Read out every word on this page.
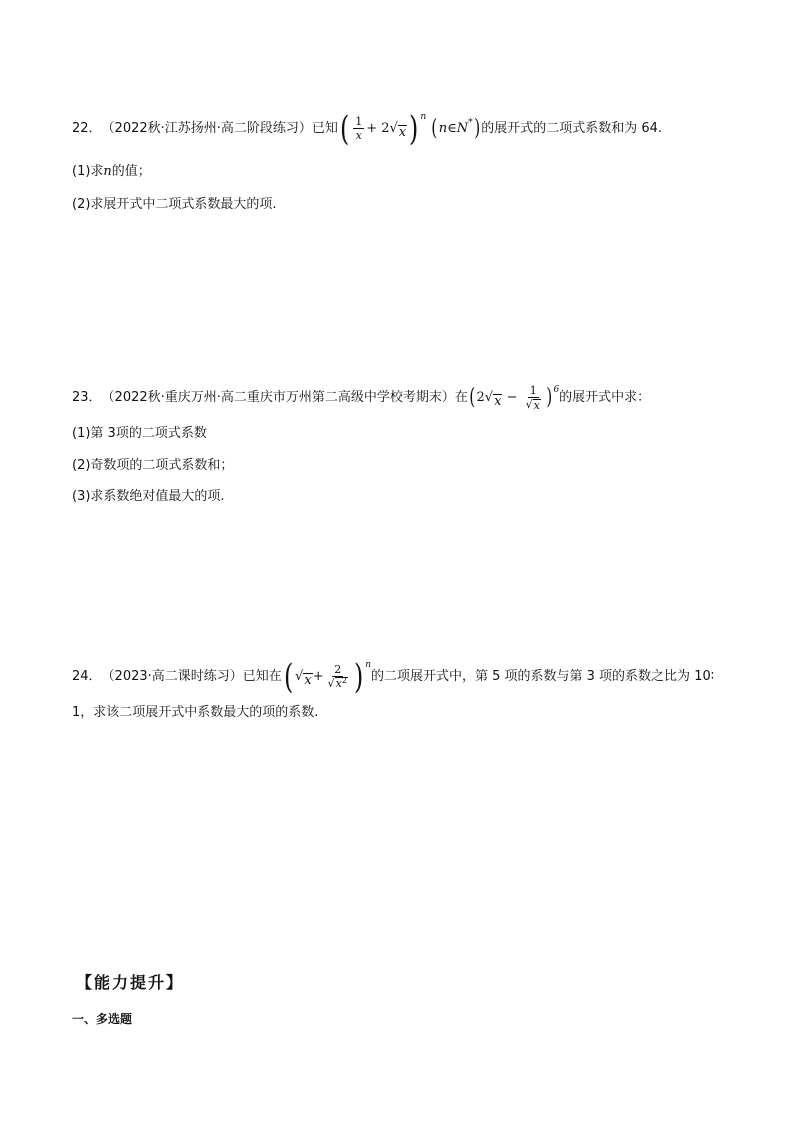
22． （2022秋·江苏扬州·高二阶段练习） 已知 ( $\frac{1}{x} + 2$ √ x ) n ( n ∈ N * ) 的展开式的二项式系数和为 64.
(1)求 n 的值；
(2)求展开式中二项式系数最大的项.
23． （2022秋·重庆万州·高二重庆市万州第二高级中学校考期末） 在 ( 2 √ $x - \frac{1}{√ x}$ ) 6 的展开式中求：
(1)第 3项的二项式系数
(2)奇数项的二项式系数和；
(3)求系数绝对值最大的项.
24． （2023·高二课时练习） 已知在 ( √ $x + \frac{2}{√ x^2}$ ) n
的二项展开式中，第 5 项的系数与第 3 项的系数之比为 10∶
1，求该二项展开式中系数最大的项的系数.
【能力提升】
一、多选题
